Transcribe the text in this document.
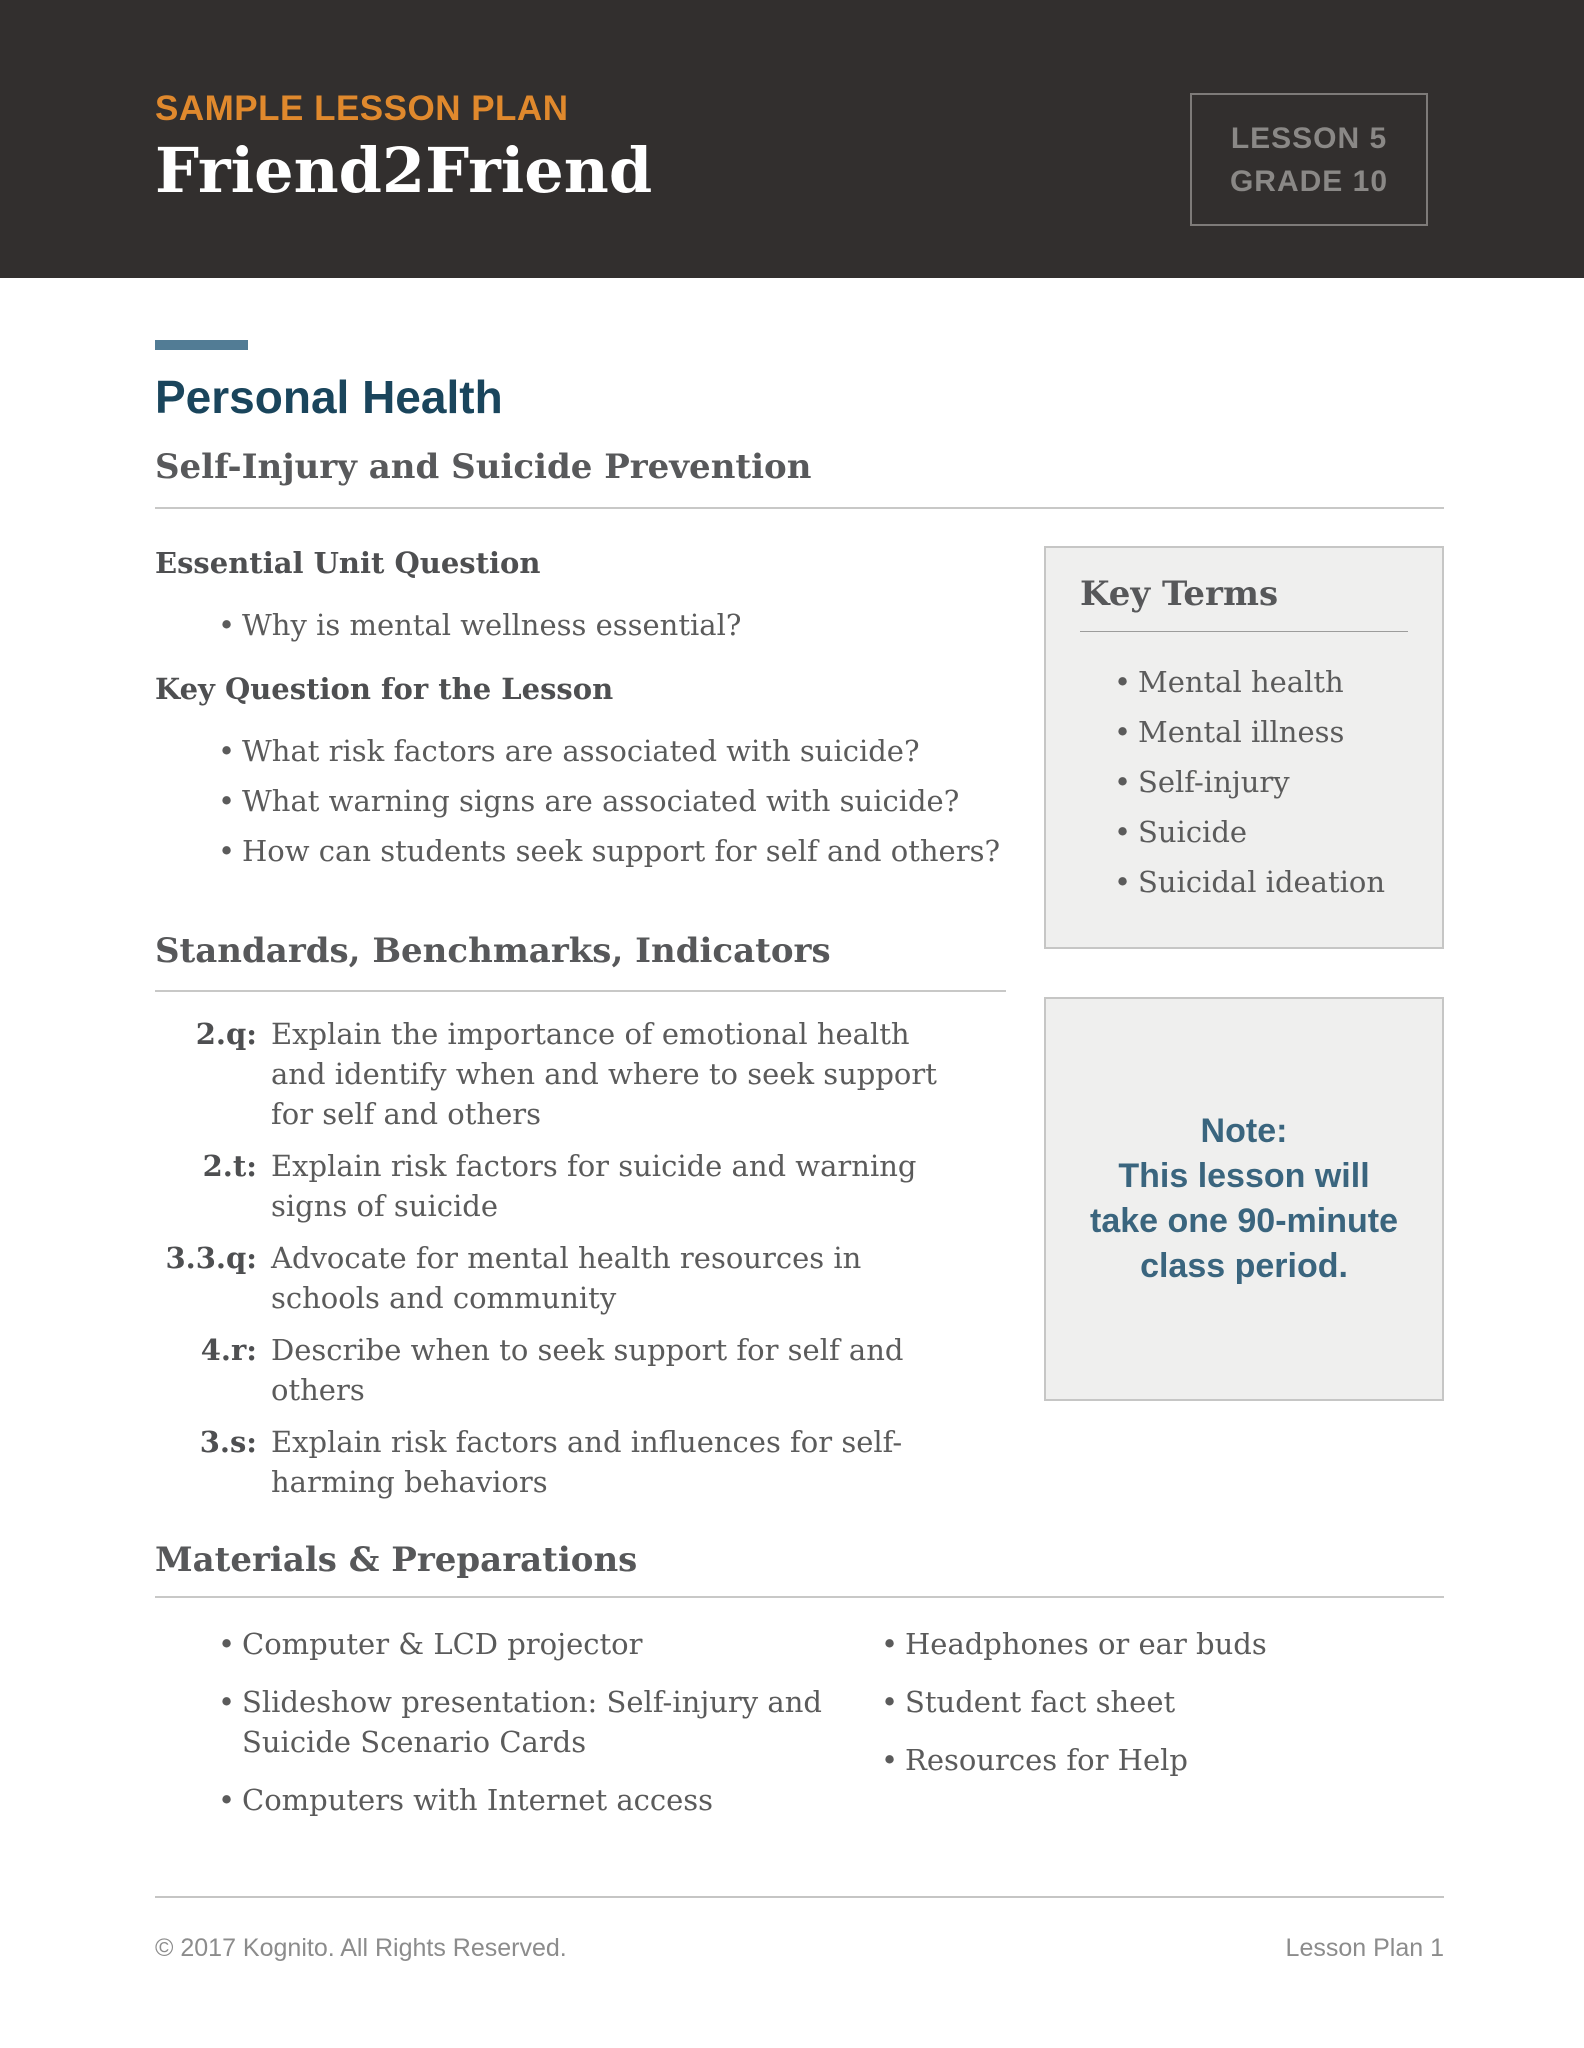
SAMPLE LESSON PLAN
Friend2Friend	LESSON 5
GRADE 10
Personal Health
Self-Injury and Suicide Prevention
Essential Unit Question
• Why is mental wellness essential?
Key Question for the Lesson
• What risk factors are associated with suicide?
• What warning signs are associated with suicide?
• How can students seek support for self and others?
Standards, Benchmarks, Indicators
2.q: Explain the importance of emotional health and identify when and where to seek support for self and others
2.t: Explain risk factors for suicide and warning signs of suicide
3.3.q: Advocate for mental health resources in schools and community
4.r: Describe when to seek support for self and others
3.s: Explain risk factors and influences for self-harming behaviors
Key Terms
• Mental health
• Mental illness
• Self-injury
• Suicide
• Suicidal ideation
Note:
This lesson will
take one 90-minute
class period.
Materials & Preparations
• Computer & LCD projector
• Slideshow presentation: Self-injury and Suicide Scenario Cards
• Computers with Internet access
• Headphones or ear buds
• Student fact sheet
• Resources for Help
© 2017 Kognito. All Rights Reserved.	Lesson Plan 1
